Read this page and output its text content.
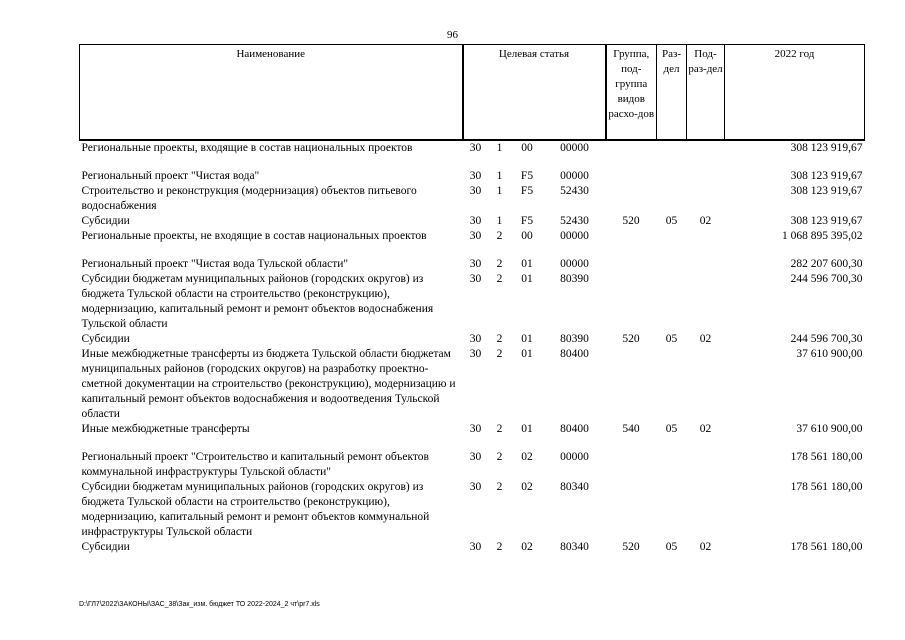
96
Наименование	Целевая статья				Группа, под-группа видов расхо-дов	Раз-дел	Под-раз-дел	2022 год
Региональные проекты, входящие в состав национальных проектов	30	1	00	00000				308 123 919,67

Региональный проект "Чистая вода"	30	1	F5	00000				308 123 919,67
Строительство и реконструкция (модернизация) объектов питьевого водоснабжения	30	1	F5	52430				308 123 919,67
Субсидии	30	1	F5	52430	520	05	02	308 123 919,67
Региональные проекты, не входящие в состав национальных проектов	30	2	00	00000				1 068 895 395,02

Региональный проект "Чистая вода Тульской области"	30	2	01	00000				282 207 600,30
Субсидии бюджетам муниципальных районов (городских округов) из бюджета Тульской области на строительство (реконструкцию), модернизацию, капитальный ремонт и ремонт объектов водоснабжения Тульской области	30	2	01	80390				244 596 700,30
Субсидии	30	2	01	80390	520	05	02	244 596 700,30
Иные межбюджетные трансферты из бюджета Тульской области бюджетам муниципальных районов (городских округов) на разработку проектно-сметной документации на строительство (реконструкцию), модернизацию и капитальный ремонт объектов водоснабжения и водоотведения Тульской области	30	2	01	80400				37 610 900,00
Иные межбюджетные трансферты	30	2	01	80400	540	05	02	37 610 900,00

Региональный проект "Строительство и капитальный ремонт объектов коммунальной инфраструктуры Тульской области"	30	2	02	00000				178 561 180,00
Субсидии бюджетам муниципальных районов (городских округов) из бюджета Тульской области на строительство (реконструкцию), модернизацию, капитальный ремонт и ремонт объектов коммунальной инфраструктуры Тульской области	30	2	02	80340				178 561 180,00
Субсидии	30	2	02	80340	520	05	02	178 561 180,00
D:\ГЛ7\2022\ЗАКОНЫ\ЗАС_38\Зак_изм. бюджет ТО 2022-2024_2 чт\pr7.xls
